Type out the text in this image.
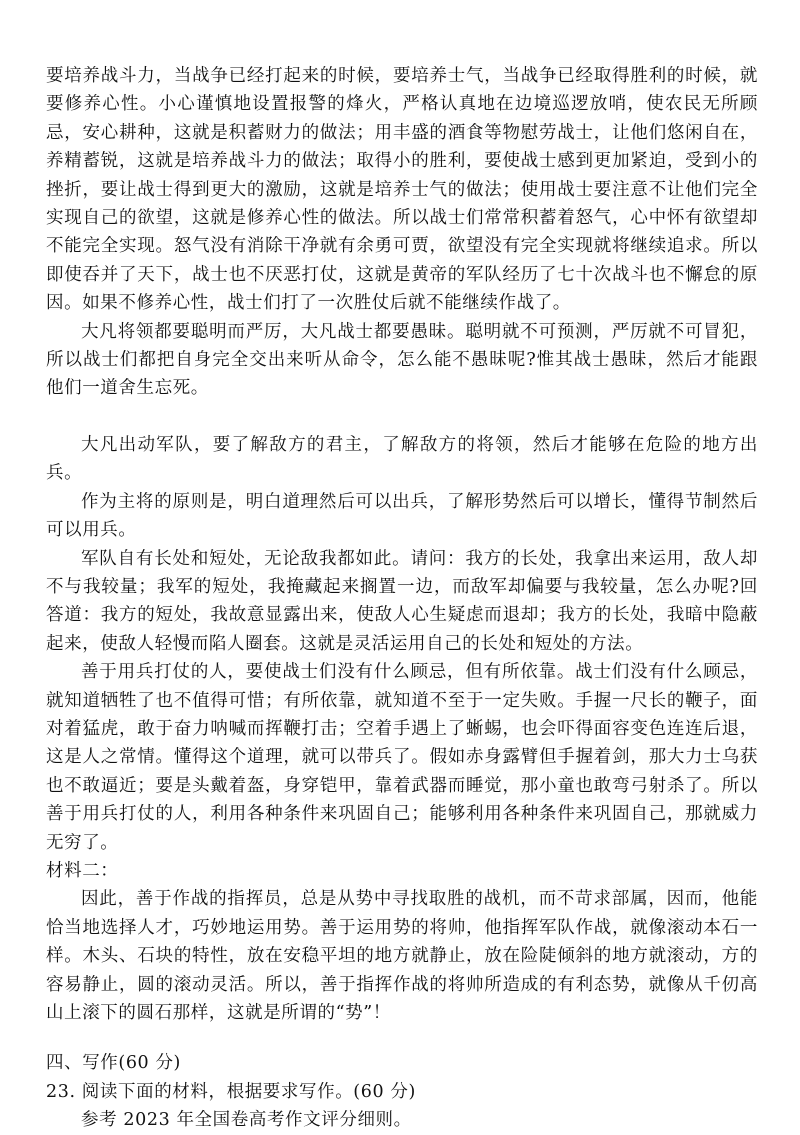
要培养战斗力，当战争已经打起来的时候，要培养士气，当战争已经取得胜利的时候，就要修养心性。小心谨慎地设置报警的烽火，严格认真地在边境巡逻放哨，使农民无所顾忌，安心耕种，这就是积蓄财力的做法；用丰盛的酒食等物慰劳战士，让他们悠闲自在，养精蓄锐，这就是培养战斗力的做法；取得小的胜利，要使战士感到更加紧迫，受到小的挫折，要让战士得到更大的激励，这就是培养士气的做法；使用战士要注意不让他们完全实现自己的欲望，这就是修养心性的做法。所以战士们常常积蓄着怒气，心中怀有欲望却不能完全实现。怒气没有消除干净就有余勇可贾，欲望没有完全实现就将继续追求。所以即使吞并了天下，战士也不厌恶打仗，这就是黄帝的军队经历了七十次战斗也不懈怠的原因。如果不修养心性，战士们打了一次胜仗后就不能继续作战了。

大凡将领都要聪明而严厉，大凡战士都要愚昧。聪明就不可预测，严厉就不可冒犯，所以战士们都把自身完全交出来听从命令，怎么能不愚昧呢?惟其战士愚昧，然后才能跟他们一道舍生忘死。

大凡出动军队，要了解敌方的君主，了解敌方的将领，然后才能够在危险的地方出兵。

作为主将的原则是，明白道理然后可以出兵，了解形势然后可以增长，懂得节制然后可以用兵。

军队自有长处和短处，无论敌我都如此。请问：我方的长处，我拿出来运用，敌人却不与我较量；我军的短处，我掩藏起来搁置一边，而敌军却偏要与我较量，怎么办呢?回答道：我方的短处，我故意显露出来，使敌人心生疑虑而退却；我方的长处，我暗中隐蔽起来，使敌人轻慢而陷人圈套。这就是灵活运用自己的长处和短处的方法。

善于用兵打仗的人，要使战士们没有什么顾忌，但有所依靠。战士们没有什么顾忌，就知道牺牲了也不值得可惜；有所依靠，就知道不至于一定失败。手握一尺长的鞭子，面对着猛虎，敢于奋力呐喊而挥鞭打击；空着手遇上了蜥蜴，也会吓得面容变色连连后退，这是人之常情。懂得这个道理，就可以带兵了。假如赤身露臂但手握着剑，那大力士乌获也不敢逼近；要是头戴着盔，身穿铠甲，靠着武器而睡觉，那小童也敢弯弓射杀了。所以善于用兵打仗的人，利用各种条件来巩固自己；能够利用各种条件来巩固自己，那就威力无穷了。

材料二：

因此，善于作战的指挥员，总是从势中寻找取胜的战机，而不苛求部属，因而，他能恰当地选择人才，巧妙地运用势。善于运用势的将帅，他指挥军队作战，就像滚动本石一样。木头、石块的特性，放在安稳平坦的地方就静止，放在险陡倾斜的地方就滚动，方的容易静止，圆的滚动灵活。所以，善于指挥作战的将帅所造成的有利态势，就像从千仞高山上滚下的圆石那样，这就是所谓的“势”！

四、写作(60 分)

23. 阅读下面的材料，根据要求写作。(60 分)

参考 2023 年全国卷高考作文评分细则。
